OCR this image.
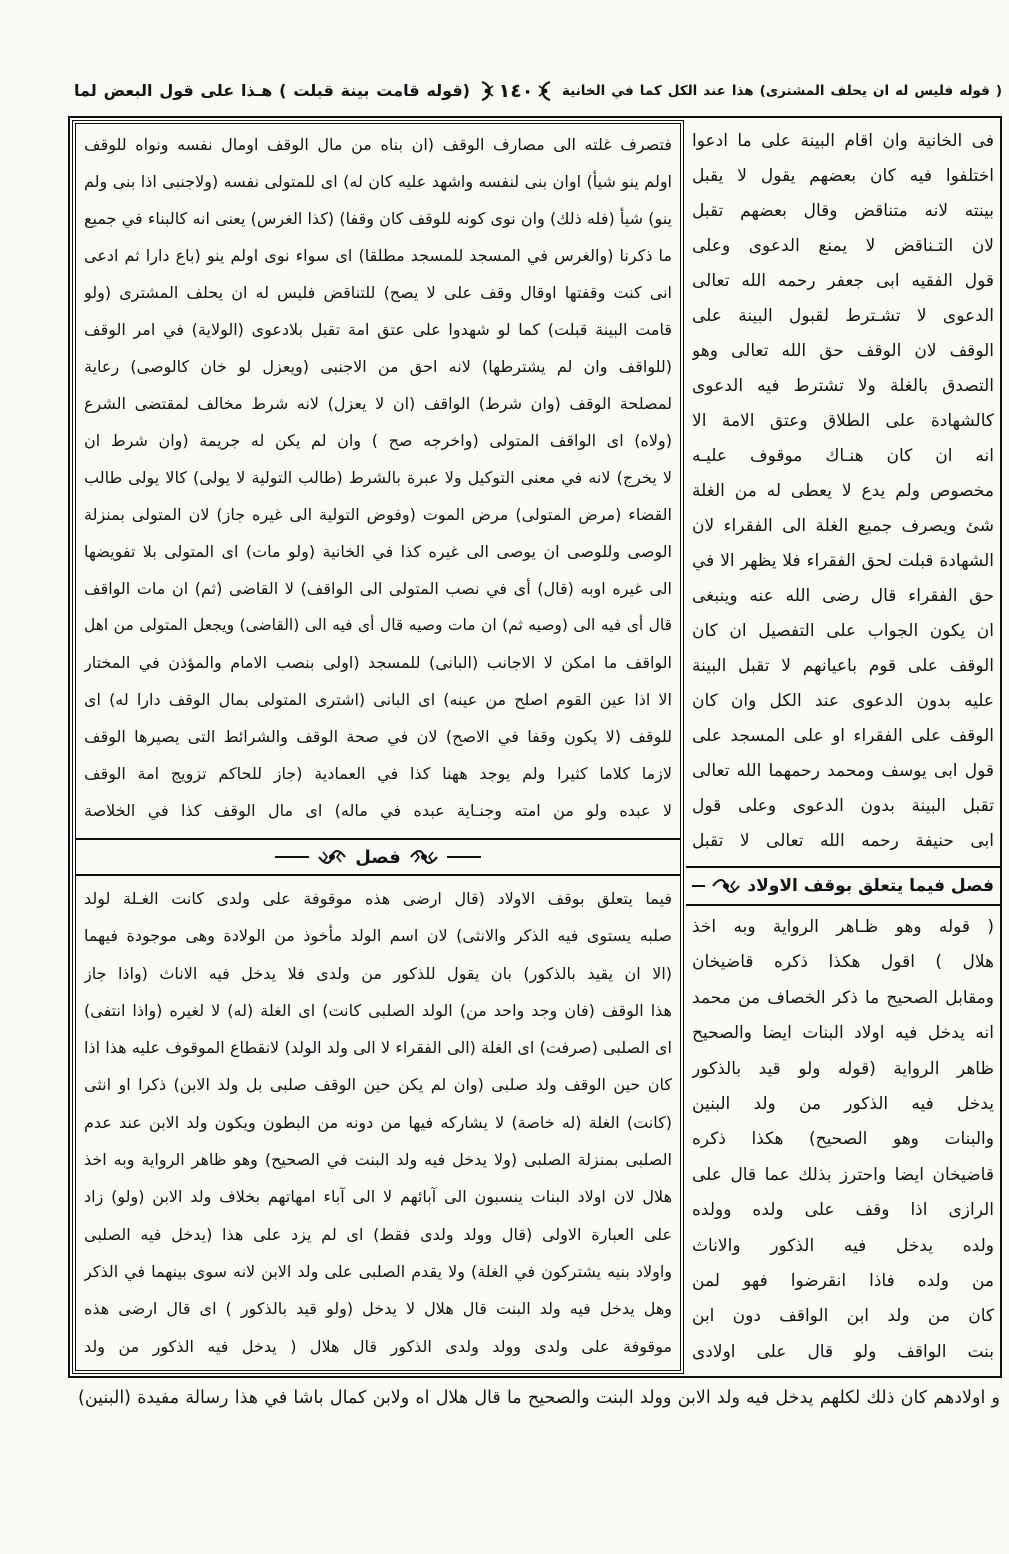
( قوله فليس له ان يحلف المشترى) هذا عند الكل كما في الخانية
١٤٠
(قوله قامت بينة قبلت ) هـذا على قول البعض لما
فتصرف غلته الى مصارف الوقف (ان بناه من مال الوقف اومال نفسه ونواه للوقف
اولم ينو شيأ) اوان بنى لنفسه واشهد عليه كان له) اى للمتولى نفسه (ولاجنبى اذا بنى ولم
ينو) شيأ (فله ذلك) وان نوى كونه للوقف كان وقفا) (كذا الغرس) يعنى انه كالبناء في جميع
ما ذكرنا (والغرس في المسجد للمسجد مطلقا) اى سواء نوى اولم ينو (باع دارا ثم ادعى
انى كنت وقفتها اوقال وقف على لا يصح) للتناقض فليس له ان يحلف المشترى (ولو
قامت البينة قبلت) كما لو شهدوا على عتق امة تقبل بلادعوى (الولاية) في امر الوقف
(للواقف وان لم يشترطها) لانه احق من الاجنبى (ويعزل لو خان كالوصى) رعاية
لمصلحة الوقف (وان شرط) الواقف (ان لا يعزل) لانه شرط مخالف لمقتضى الشرع
(ولاه) اى الواقف المتولى (واخرجه صح ) وان لم يكن له جريمة (وان شرط ان
لا يخرج) لانه في معنى التوكيل ولا عبرة بالشرط (طالب التولية لا يولى) كالا يولى طالب
القضاء (مرض المتولى) مرض الموت (وفوض التولية الى غيره جاز) لان المتولى بمنزلة
الوصى وللوصى ان يوصى الى غيره كذا في الخانية (ولو مات) اى المتولى بلا تفويضها
الى غيره اوبه (قال) أى في نصب المتولى الى الواقف) لا القاضى (ثم) ان مات الواقف
قال أى فيه الى (وصيه ثم) ان مات وصيه قال أى فيه الى (القاضى) ويجعل المتولى من اهل
الواقف ما امكن لا الاجانب (البانى) للمسجد (اولى بنصب الامام والمؤذن في المختار
الا اذا عين القوم اصلح من عينه) اى البانى (اشترى المتولى بمال الوقف دارا له) اى
للوقف (لا يكون وقفا في الاصح) لان في صحة الوقف والشرائط التى يصيرها الوقف
لازما كلاما كثيرا ولم يوجد ههنا كذا في العمادية (جاز للحاكم تزويج امة الوقف
لا عبده ولو من امته وجنـاية عبده في ماله) اى مال الوقف كذا في الخلاصة
فصل
فيما يتعلق بوقف الاولاد (قال ارضى هذه موقوفة على ولدى كانت الغـلة لولد
صلبه يستوى فيه الذكر والانثى) لان اسم الولد مأخوذ من الولادة وهى موجودة فيهما
(الا ان يقيد بالذكور) بان يقول للذكور من ولدى فلا يدخل فيه الاناث (واذا جاز
هذا الوقف (فان وجد واحد من) الولد الصلبى كانت) اى الغلة (له) لا لغيره (واذا انتفى)
اى الصلبى (صرفت) اى الغلة (الى الفقراء لا الى ولد الولد) لانقطاع الموقوف عليه هذا اذا
كان حين الوقف ولد صلبى (وان لم يكن حين الوقف صلبى بل ولد الابن) ذكرا او انثى
(كانت) الغلة (له خاصة) لا يشاركه فيها من دونه من البطون ويكون ولد الابن عند عدم
الصلبى بمنزلة الصلبى (ولا يدخل فيه ولد البنت في الصحيح) وهو ظاهر الرواية وبه اخذ
هلال لان اولاد البنات ينسبون الى آبائهم لا الى آباء امهاتهم بخلاف ولد الابن (ولو) زاد
على العبارة الاولى (قال وولد ولدى فقط) اى لم يزد على هذا (يدخل فيه الصلبى
واولاد بنيه يشتركون في الغلة) ولا يقدم الصلبى على ولد الابن لانه سوى بينهما في الذكر
وهل يدخل فيه ولد البنت قال هلال لا يدخل (ولو قيد بالذكور ) اى قال ارضى هذه
موقوفة على ولدى وولد ولدى الذكور قال هلال ( يدخل فيه الذكور من ولد
فى الخانية وان اقام البينة على ما ادعوا
اختلفوا فيه كان بعضهم يقول لا يقبل
بينته لانه متناقض وقال بعضهم تقبل
لان التـناقض لا يمنع الدعوى وعلى
قول الفقيه ابى جعفر رحمه الله تعالى
الدعوى لا تشـترط لقبول البينة على
الوقف لان الوقف حق الله تعالى وهو
التصدق بالغلة ولا تشترط فيه الدعوى
كالشهادة على الطلاق وعتق الامة الا
انه ان كان هنـاك موقوف عليـه
مخصوص ولم يدع لا يعطى له من الغلة
شئ ويصرف جميع الغلة الى الفقراء لان
الشهادة قبلت لحق الفقراء فلا يظهر الا في
حق الفقراء قال رضى الله عنه وينبغى
ان يكون الجواب على التفصيل ان كان
الوقف على قوم باعيانهم لا تقبل البينة
عليه بدون الدعوى عند الكل وان كان
الوقف على الفقراء او على المسجد على
قول ابى يوسف ومحمد رحمهما الله تعالى
تقبل البينة بدون الدعوى وعلى قول
ابى حنيفة رحمه الله تعالى لا تقبل
فصل فيما يتعلق بوقف الاولاد
( قوله وهو ظـاهر الرواية وبه اخذ
هلال ) اقول هكذا ذكره قاضيخان
ومقابل الصحيح ما ذكر الخصاف من محمد
انه يدخل فيه اولاد البنات ايضا والصحيح
ظاهر الرواية (قوله ولو قيد بالذكور
يدخل فيه الذكور من ولد البنين
والبنات وهو الصحيح) هكذا ذكره
قاضيخان ايضا واحترز بذلك عما قال على
الرازى اذا وقف على ولده وولده
ولده يدخل فيه الذكور والاناث
من ولده فاذا انقرضوا فهو لمن
كان من ولد ابن الواقف دون ابن
بنت الواقف ولو قال على اولادى
و اولادهم كان ذلك لكلهم يدخل فيه ولد الابن وولد البنت والصحيح ما قال هلال اه ولابن كمال باشا في هذا رسالة مفيدة (البنين)
